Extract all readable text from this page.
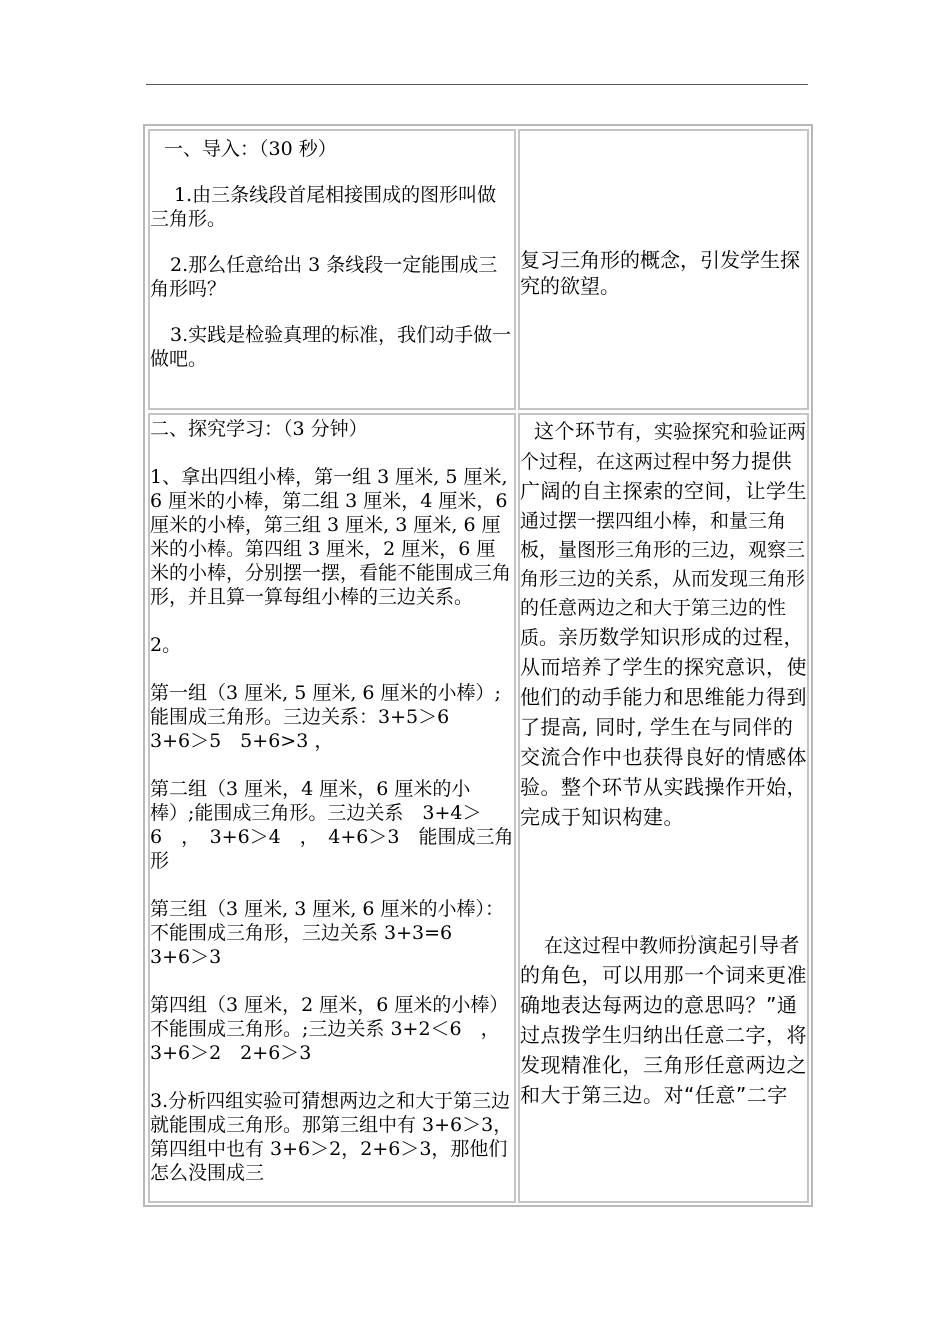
一、导入：（30 秒）

1.由三条线段首尾相接围成的图形叫做三角形。

2.那么任意给出 3 条线段一定能围成三角形吗？

3.实践是检验真理的标准，我们动手做一做吧。

复习三角形的概念，引发学生探究的欲望。

二、探究学习：（3 分钟）

1、拿出四组小棒，第一组 3 厘米, 5 厘米, 6 厘米的小棒，第二组 3 厘米，4 厘米，6 厘米的小棒，第三组 3 厘米, 3 厘米, 6 厘米的小棒。第四组 3 厘米，2 厘米，6 厘米的小棒，分别摆一摆，看能不能围成三角形，并且算一算每组小棒的三边关系。

2。

第一组（3 厘米, 5 厘米, 6 厘米的小棒）;能围成三角形。三边关系：3+5＞6　 3+6＞5　5+6>3 ，

第二组（3 厘米，4 厘米，6 厘米的小棒）;能围成三角形。三边关系　3+4＞6　，　3+6＞4　，　4+6＞3　能围成三角形

第三组（3 厘米, 3 厘米, 6 厘米的小棒）：　不能围成三角形，三边关系 3+3=6　 3+6＞3

第四组（3 厘米，2 厘米，6 厘米的小棒）不能围成三角形。;三边关系 3+2＜6　，3+6＞2　2+6＞3

3.分析四组实验可猜想两边之和大于第三边就能围成三角形。那第三组中有 3+6＞3，第四组中也有 3+6＞2，2+6＞3，那他们怎么没围成三

这个环节有，实验探究和验证两个过程，在这两过程中努力提供广阔的自主探索的空间，让学生通过摆一摆四组小棒，和量三角板，量图形三角形的三边，观察三角形三边的关系，从而发现三角形的任意两边之和大于第三边的性质。亲历数学知识形成的过程，从而培养了学生的探究意识，使他们的动手能力和思维能力得到了提高, 同时, 学生在与同伴的交流合作中也获得良好的情感体验。整个环节从实践操作开始，完成于知识构建。

在这过程中教师扮演起引导者的角色，可以用那一个词来更准确地表达每两边的意思吗？”通过点拨学生归纳出任意二字，将发现精准化，三角形任意两边之和大于第三边。对“任意”二字
